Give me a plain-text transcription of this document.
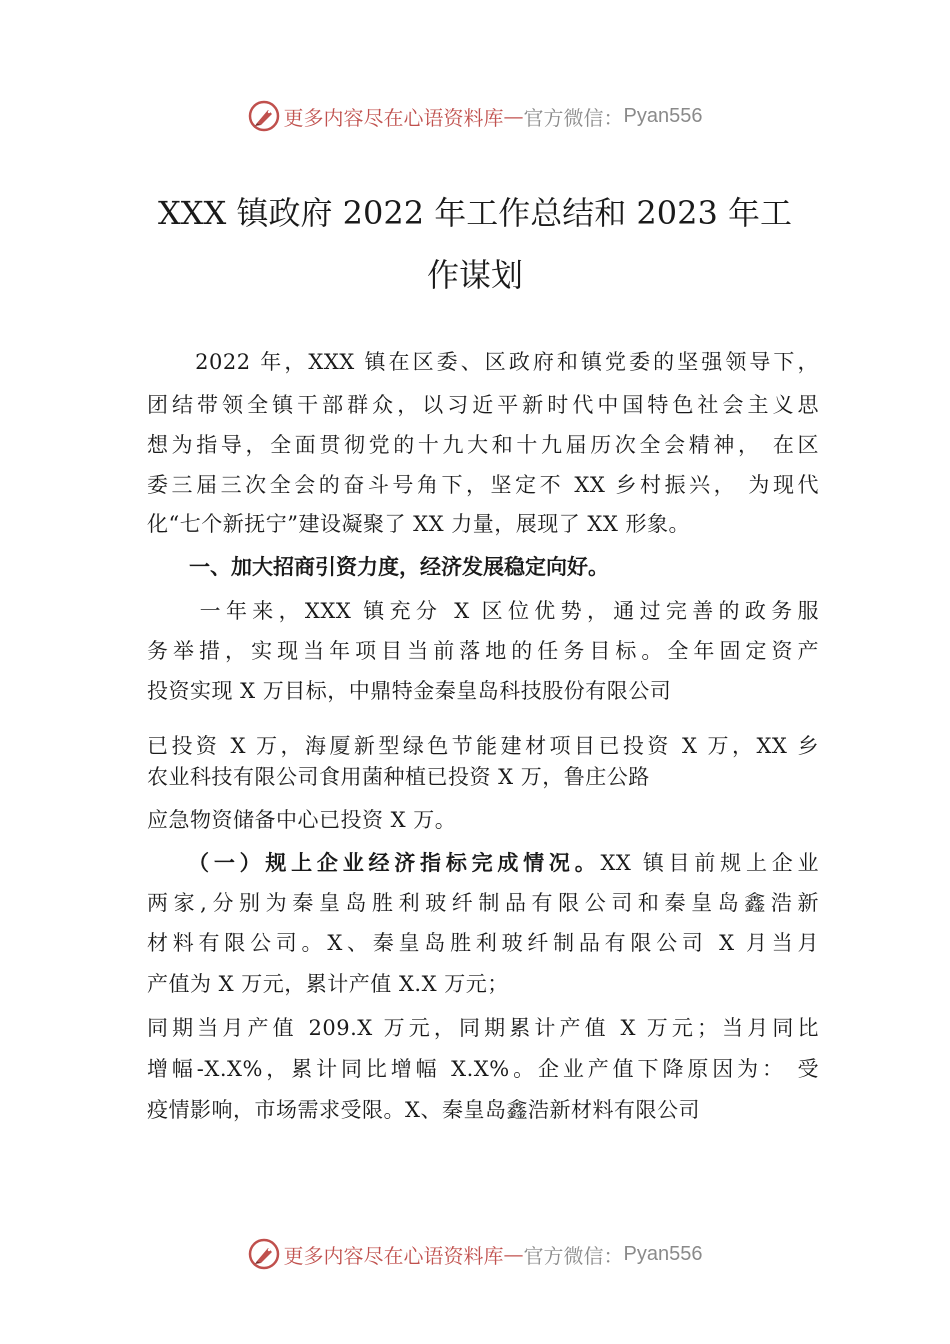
更多内容尽在心语资料库 — 官方微信： Pyan556
XXX 镇政府 2022 年工作总结和 2023 年工
作谋划
　　2022 年，XXX 镇在区委、区政府和镇党委的坚强领导下，
团结带领全镇干部群众，以习近平新时代中国特色社会主义思
想为指导，全面贯彻党的十九大和十九届历次全会精神， 在区
委三届三次全会的奋斗号角下，坚定不 XX 乡村振兴， 为现代
化“七个新抚宁”建设凝聚了 XX 力量，展现了 XX 形象。
　　一、加大招商引资力度，经济发展稳定向好。
　　一年来，XXX 镇充分 X 区位优势，通过完善的政务服
务举措，实现当年项目当前落地的任务目标。全年固定资产
投资实现 X 万目标，中鼎特金秦皇岛科技股份有限公司
已投资 X 万，海厦新型绿色节能建材项目已投资 X 万，XX 乡
农业科技有限公司食用菌种植已投资 X 万，鲁庄公路
应急物资储备中心已投资 X 万。
　　（一）规上企业经济指标完成情况。XX 镇目前规上企业
两家,分别为秦皇岛胜利玻纤制品有限公司和秦皇岛鑫浩新
材料有限公司。X、秦皇岛胜利玻纤制品有限公司 X 月当月
产值为 X 万元，累计产值 X.X 万元；
同期当月产值 209.X 万元，同期累计产值 X 万元；当月同比
增幅-X.X%，累计同比增幅 X.X%。企业产值下降原因为： 受
疫情影响，市场需求受限。X、秦皇岛鑫浩新材料有限公司
更多内容尽在心语资料库 — 官方微信： Pyan556
